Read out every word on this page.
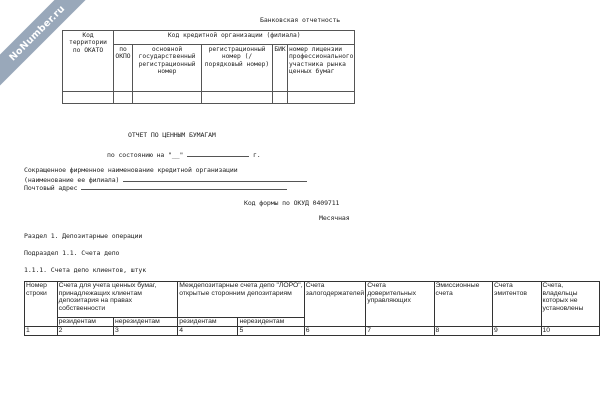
NoNumber.ru	Банковская отчетность
Код территории по ОКАТО	Код кредитной организации (филиала)				
	по ОКПО	основной государственный регистрационный номер	регистрационный номер (/порядковый номер)	БИК	номер лицензии профессионального участника рынка ценных бумаг

ОТЧЕТ ПО ЦЕННЫМ БУМАГАМ
по состоянию на "__"	г.
Сокращенное фирменное наименование кредитной организации
(наименование ее филиала)
Почтовый адрес
Код формы по ОКУД 0409711
Месячная
Раздел 1. Депозитарные операции
Подраздел 1.1. Счета депо
1.1.1. Счета депо клиентов, штук
Номер строки	Счета для учета ценных бумаг, принадлежащих клиентам депозитария на правах собственности		Междепозитарные счета депо "ЛОРО", открытые сторонним депозитариям		Счета залогодержателей	Счета доверительных управляющих	Эмиссионные счета	Счета эмитентов	Счета, владельцы которых не установлены
	резидентам	нерезидентам	резидентам	нерезидентам					
1	2	3	4	5	6	7	8	9	10
